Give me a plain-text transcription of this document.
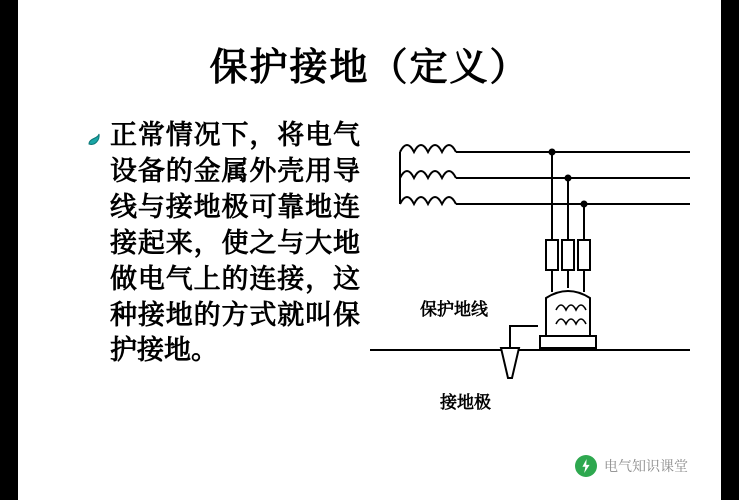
保护接地（定义）
正常情况下，将电气设备的金属外壳用导线与接地极可靠地连接起来，使之与大地做电气上的连接，这种接地的方式就叫保护接地。
保护地线
接地极
电气知识课堂
